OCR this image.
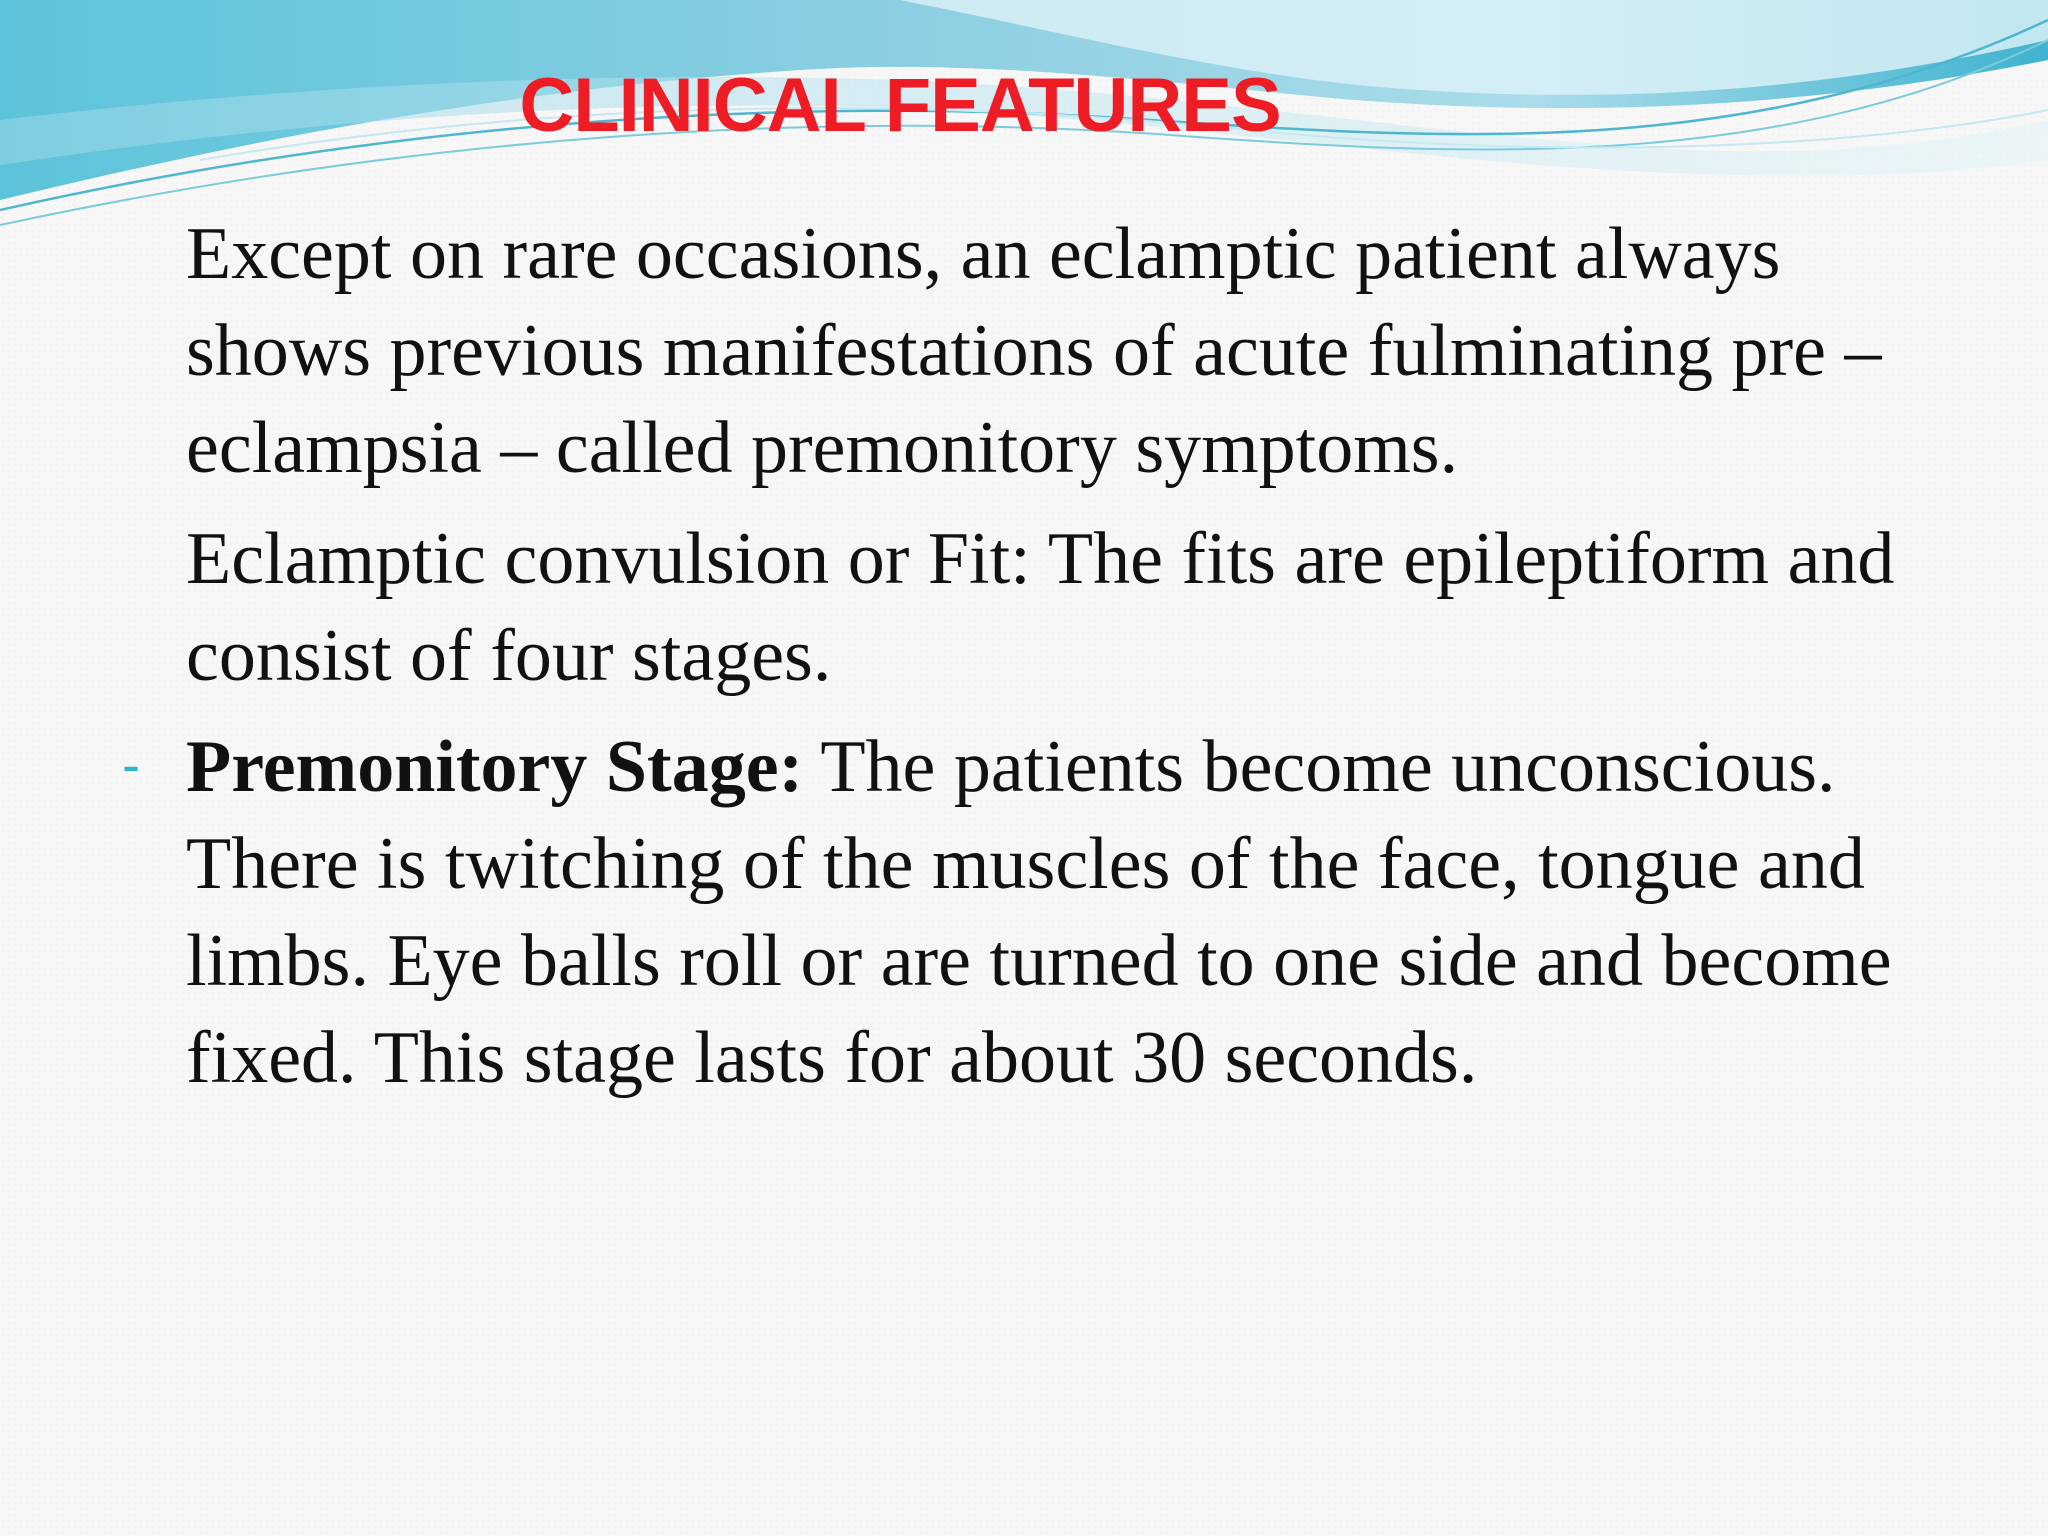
CLINICAL FEATURES

Except on rare occasions, an eclamptic patient always shows previous manifestations of acute fulminating pre –eclampsia – called premonitory symptoms.

Eclamptic convulsion or Fit: The fits are epileptiform and consist of four stages.

- Premonitory Stage: The patients become unconscious. There is twitching of the muscles of the face, tongue and limbs. Eye balls roll or are turned to one side and become fixed. This stage lasts for about 30 seconds.
